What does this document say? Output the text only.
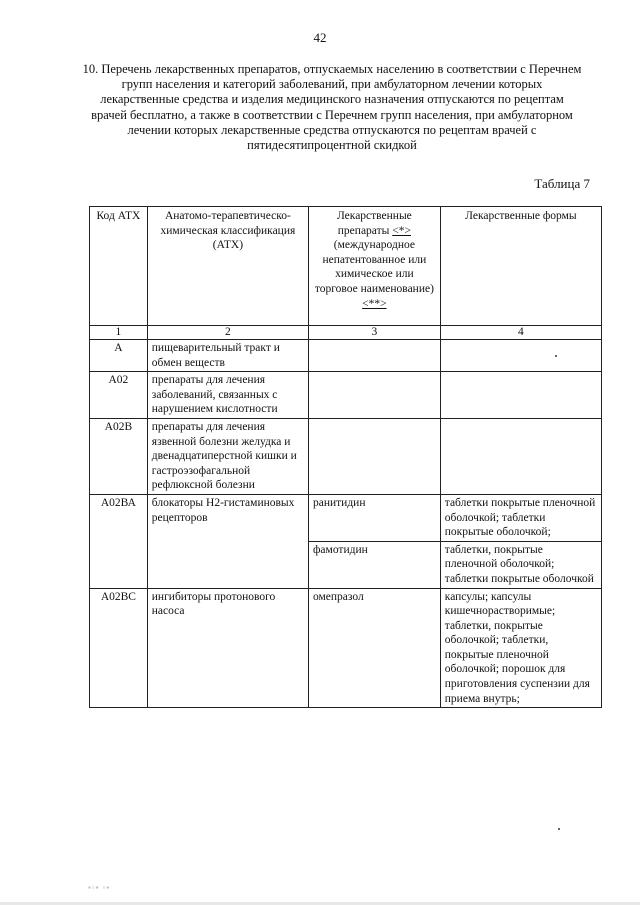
42
10. Перечень лекарственных препаратов, отпускаемых населению в соответствии с Перечнем групп населения и категорий заболеваний, при амбулаторном лечении которых лекарственные средства и изделия медицинского назначения отпускаются по рецептам врачей бесплатно, а также в соответствии с Перечнем групп населения, при амбулаторном лечении которых лекарственные средства отпускаются по рецептам врачей с пятидесятипроцентной скидкой
Таблица 7
Код АТХ	Анатомо-терапевтическо-химическая классификация (АТХ)	Лекарственные препараты <*> (международное непатентованное или химическое или торговое наименование) <**>	Лекарственные формы
1	2	3	4
А	пищеварительный тракт и обмен веществ		
А02	препараты для лечения заболеваний, связанных с нарушением кислотности		
А02В	препараты для лечения язвенной болезни желудка и двенадцатиперстной кишки и гастроэзофагальной рефлюксной болезни		
А02ВА	блокаторы Н2-гистаминовых рецепторов	ранитидин	таблетки покрытые пленочной оболочкой; таблетки покрытые оболочкой;
		фамотидин	таблетки, покрытые пленочной оболочкой; таблетки покрытые оболочкой
А02ВС	ингибиторы протонового насоса	омепразол	капсулы; капсулы кишечнорастворимые; таблетки, покрытые оболочкой; таблетки, покрытые пленочной оболочкой; порошок для приготовления суспензии для приема внутрь;
▪▫▪ ▫▪
